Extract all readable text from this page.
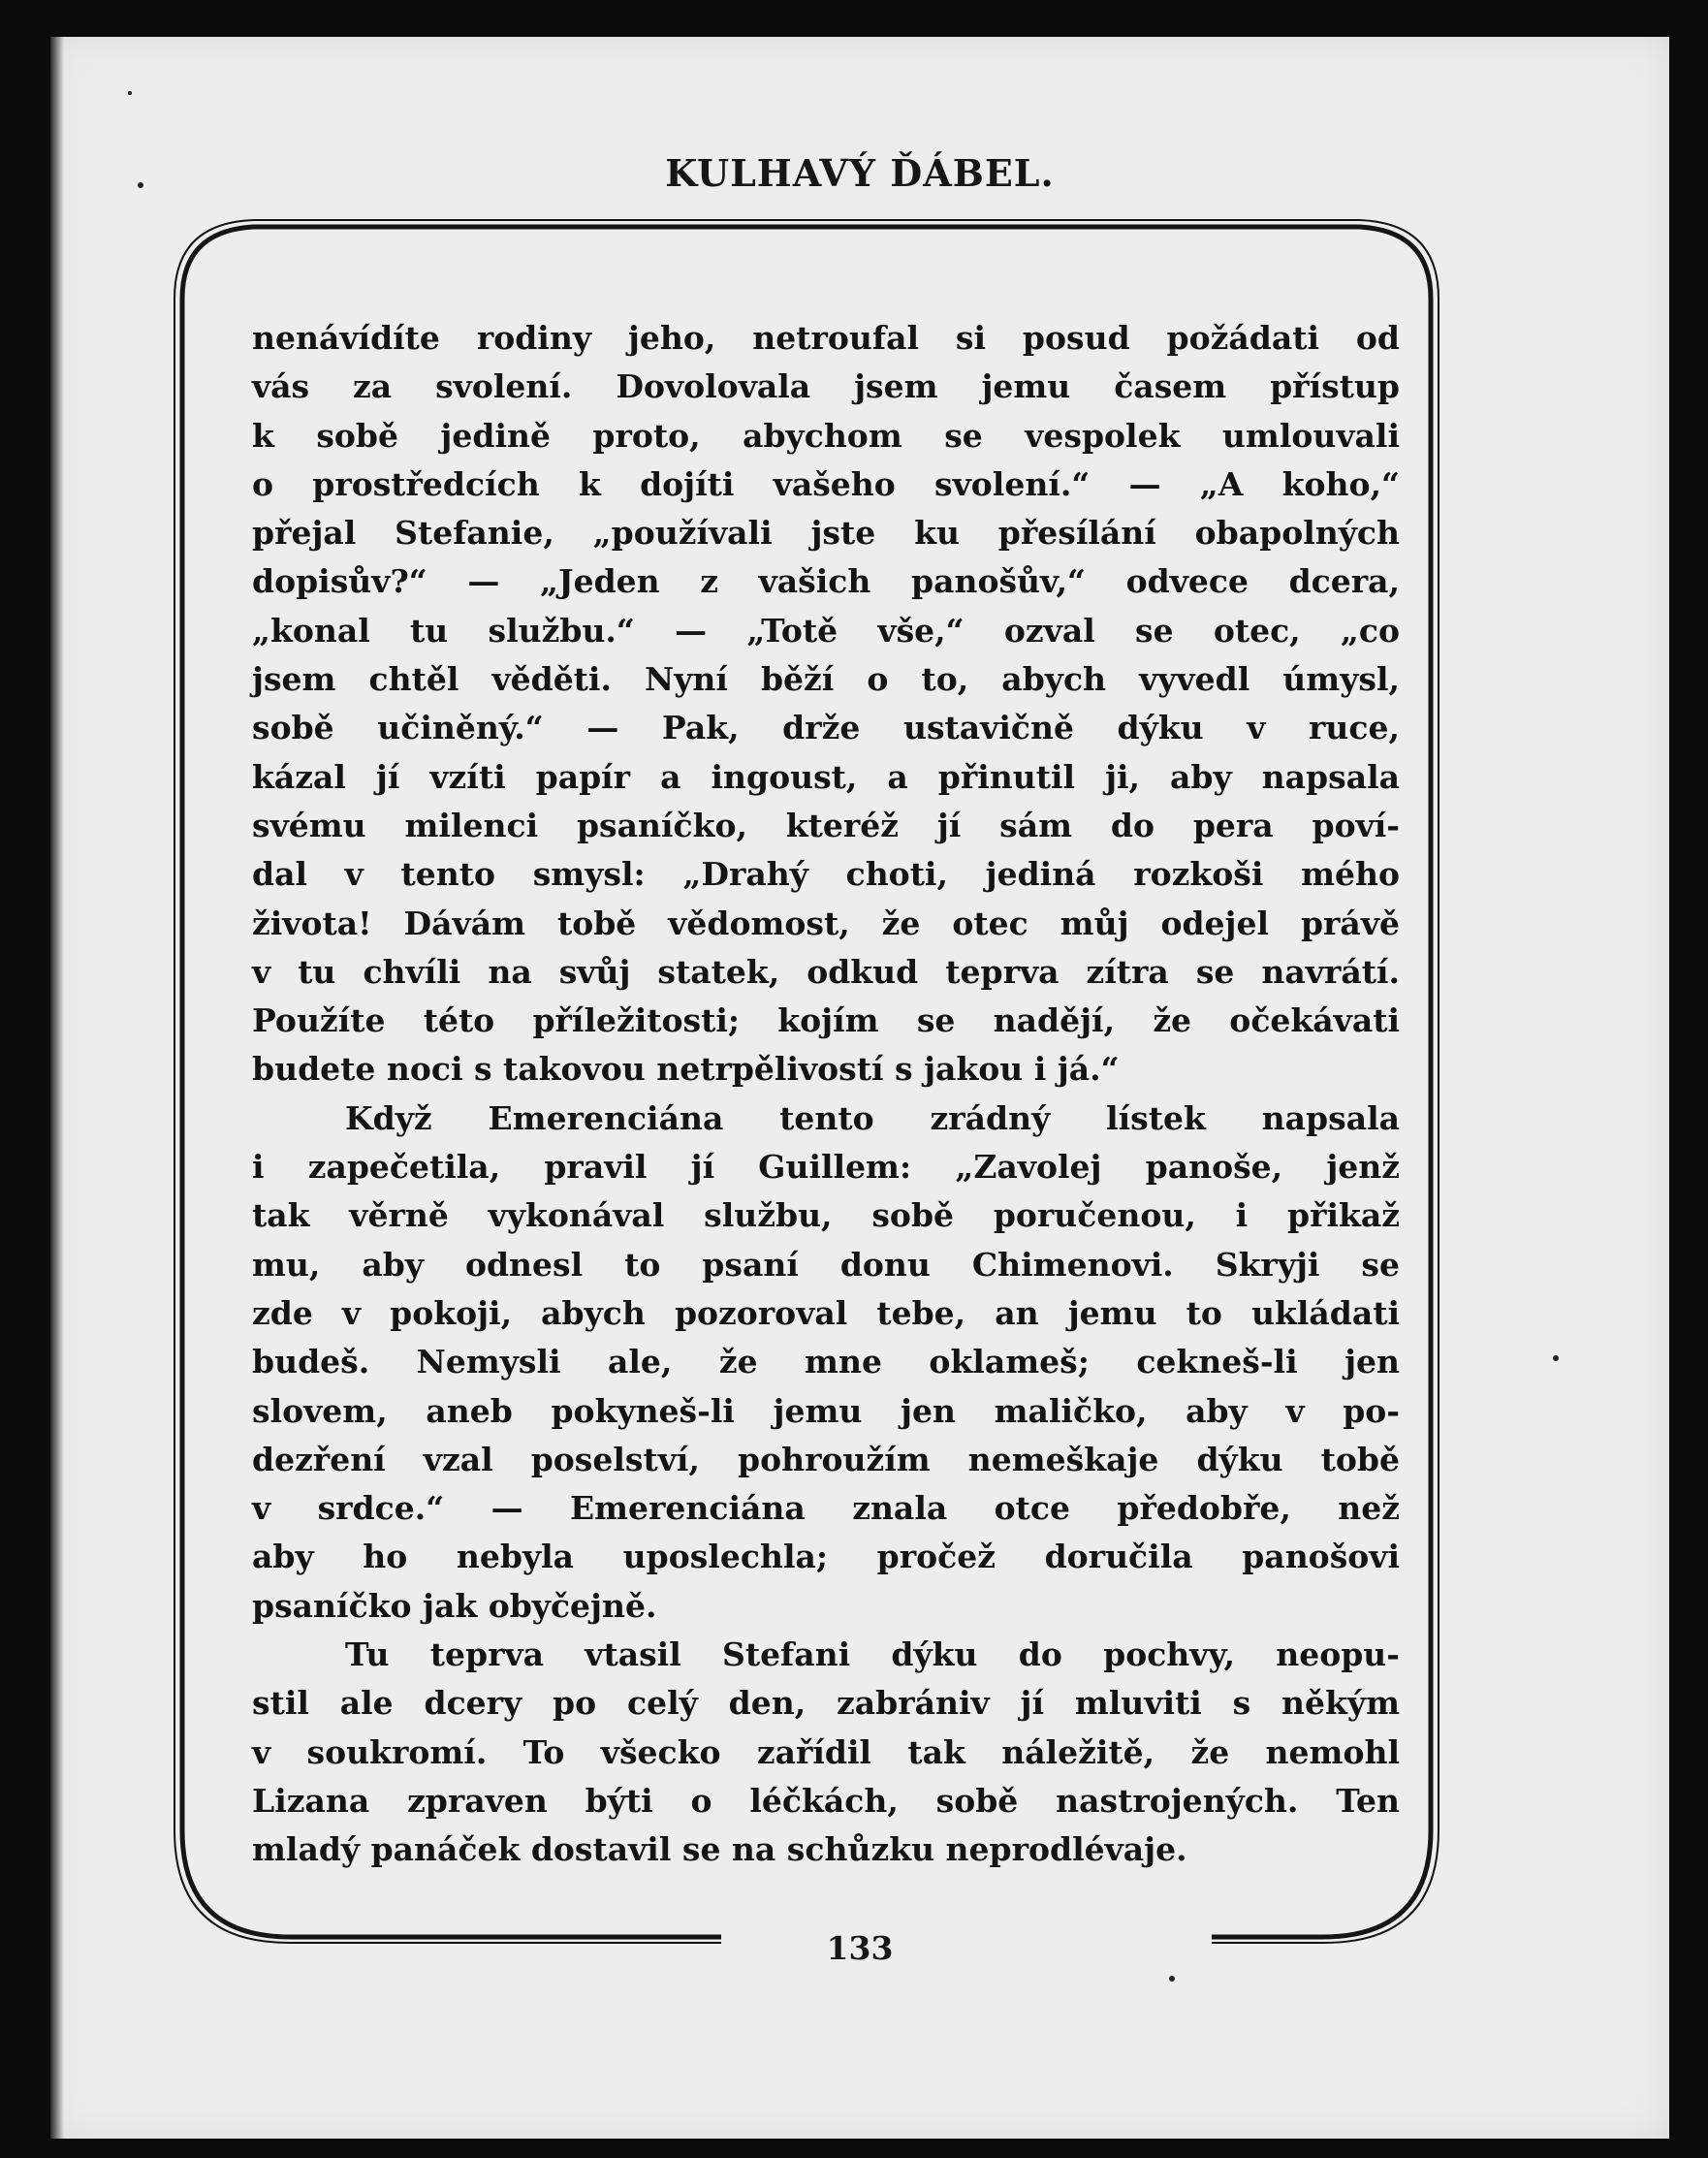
KULHAVÝ ĎÁBEL.

nenávídíte rodiny jeho, netroufal si posud požádati od

vás za svolení. Dovolovala jsem jemu časem přístup

k sobě jedině proto, abychom se vespolek umlouvali

o prostředcích k dojíti vašeho svolení.“ — „A koho,“

přejal Stefanie, „používali jste ku přesílání obapolných

dopisův?“ — „Jeden z vašich panošův,“ odvece dcera,

„konal tu službu.“ — „Totě vše,“ ozval se otec, „co

jsem chtěl věděti. Nyní běží o to, abych vyvedl úmysl,

sobě učiněný.“ — Pak, drže ustavičně dýku v ruce,

kázal jí vzíti papír a ingoust, a přinutil ji, aby napsala

svému milenci psaníčko, kteréž jí sám do pera poví-

dal v tento smysl: „Drahý choti, jediná rozkoši mého

života! Dávám tobě vědomost, že otec můj odejel právě

v tu chvíli na svůj statek, odkud teprva zítra se navrátí.

Použíte této příležitosti; kojím se nadějí, že očekávati

budete noci s takovou netrpělivostí s jakou i já.“

Když Emerenciána tento zrádný lístek napsala

i zapečetila, pravil jí Guillem: „Zavolej panoše, jenž

tak věrně vykonával službu, sobě poručenou, i přikaž

mu, aby odnesl to psaní donu Chimenovi. Skryji se

zde v pokoji, abych pozoroval tebe, an jemu to ukládati

budeš. Nemysli ale, že mne oklameš; cekneš-li jen

slovem, aneb pokyneš-li jemu jen maličko, aby v po-

dezření vzal poselství, pohroužím nemeškaje dýku tobě

v srdce.“ — Emerenciána znala otce předobře, než

aby ho nebyla uposlechla; pročež doručila panošovi

psaníčko jak obyčejně.

Tu teprva vtasil Stefani dýku do pochvy, neopu-

stil ale dcery po celý den, zabrániv jí mluviti s někým

v soukromí. To všecko zařídil tak náležitě, že nemohl

Lizana zpraven býti o léčkách, sobě nastrojených. Ten

mladý panáček dostavil se na schůzku neprodlévaje.

133
